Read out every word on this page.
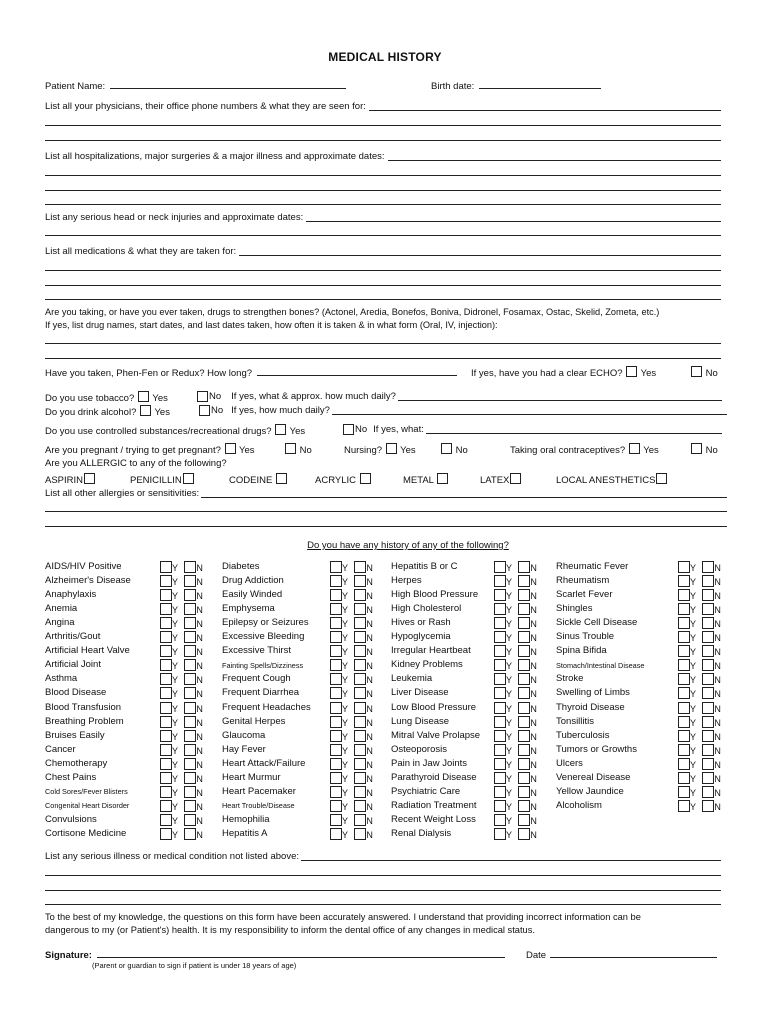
MEDICAL HISTORY
Patient Name:	Birth date:
List all your physicians, their office phone numbers & what they are seen for:
List all hospitalizations, major surgeries & a major illness and approximate dates:
List any serious head or neck injuries and approximate dates:
List all medications & what they are taken for:
Are you taking, or have you ever taken, drugs to strengthen bones? (Actonel, Aredia, Bonefos, Boniva, Didronel, Fosamax, Ostac, Skelid, Zometa, etc.)
If yes, list drug names, start dates, and last dates taken, how often it is taken & in what form (Oral, IV, injection):
Have you taken, Phen-Fen or Redux? How long?	If yes, have you had a clear ECHO? Yes	No
Do you use tobacco? Yes	No If yes, what & approx. how much daily?
Do you drink alcohol? Yes	No If yes, how much daily?
Do you use controlled substances/recreational drugs? Yes	No If yes, what:
Are you pregnant / trying to get pregnant? Yes	No	Nursing? Yes	No	Taking oral contraceptives? Yes	No
Are you ALLERGIC to any of the following?
ASPIRIN	PENICILLIN	CODEINE	ACRYLIC	METAL	LATEX	LOCAL ANESTHETICS
List all other allergies or sensitivities:
Do you have any history of any of the following?
AIDS/HIV Positive	Y N
Alzheimer's Disease	Y N
Anaphylaxis	Y N
Anemia	Y N
Angina	Y N
Arthritis/Gout	Y N
Artificial Heart Valve	Y N
Artificial Joint	Y N
Asthma	Y N
Blood Disease	Y N
Blood Transfusion	Y N
Breathing Problem	Y N
Bruises Easily	Y N
Cancer	Y N
Chemotherapy	Y N
Chest Pains	Y N
Cold Sores/Fever Blisters	Y N
Congenital Heart Disorder	Y N
Convulsions	Y N
Cortisone Medicine	Y N
Diabetes	Y N
Drug Addiction	Y N
Easily Winded	Y N
Emphysema	Y N
Epilepsy or Seizures	Y N
Excessive Bleeding	Y N
Excessive Thirst	Y N
Fainting Spells/Dizziness	Y N
Frequent Cough	Y N
Frequent Diarrhea	Y N
Frequent Headaches	Y N
Genital Herpes	Y N
Glaucoma	Y N
Hay Fever	Y N
Heart Attack/Failure	Y N
Heart Murmur	Y N
Heart Pacemaker	Y N
Heart Trouble/Disease	Y N
Hemophilia	Y N
Hepatitis A	Y N
Hepatitis B or C	Y N
Herpes	Y N
High Blood Pressure	Y N
High Cholesterol	Y N
Hives or Rash	Y N
Hypoglycemia	Y N
Irregular Heartbeat	Y N
Kidney Problems	Y N
Leukemia	Y N
Liver Disease	Y N
Low Blood Pressure	Y N
Lung Disease	Y N
Mitral Valve Prolapse	Y N
Osteoporosis	Y N
Pain in Jaw Joints	Y N
Parathyroid Disease	Y N
Psychiatric Care	Y N
Radiation Treatment	Y N
Recent Weight Loss	Y N
Renal Dialysis	Y N
Rheumatic Fever	Y N
Rheumatism	Y N
Scarlet Fever	Y N
Shingles	Y N
Sickle Cell Disease	Y N
Sinus Trouble	Y N
Spina Bifida	Y N
Stomach/Intestinal Disease	Y N
Stroke	Y N
Swelling of Limbs	Y N
Thyroid Disease	Y N
Tonsillitis	Y N
Tuberculosis	Y N
Tumors or Growths	Y N
Ulcers	Y N
Venereal Disease	Y N
Yellow Jaundice	Y N
Alcoholism	Y N
List any serious illness or medical condition not listed above:
To the best of my knowledge, the questions on this form have been accurately answered. I understand that providing incorrect information can be
dangerous to my (or Patient's) health. It is my responsibility to inform the dental office of any changes in medical status.
Signature:	Date
(Parent or guardian to sign if patient is under 18 years of age)
